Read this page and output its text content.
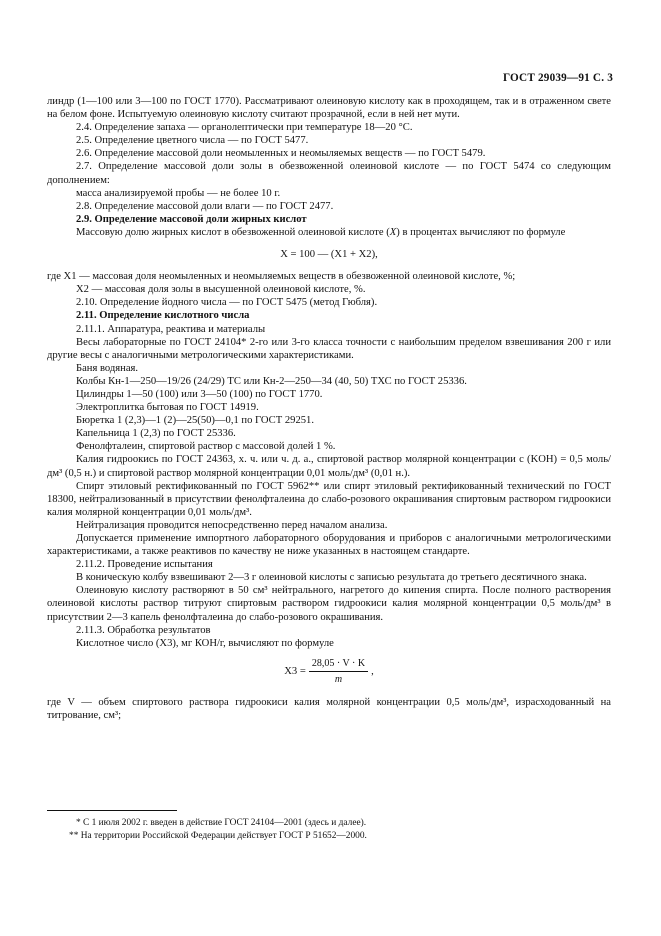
ГОСТ 29039—91 С. 3

линдр (1—100 или 3—100 по ГОСТ 1770). Рассматривают олеиновую кислоту как в проходящем, так и в отраженном свете на белом фоне. Испытуемую олеиновую кислоту считают прозрачной, если в ней нет мути.

2.4. Определение запаха — органолептически при температуре 18—20 °С.

2.5. Определение цветного числа — по ГОСТ 5477.

2.6. Определение массовой доли неомыленных и неомыляемых веществ — по ГОСТ 5479.

2.7. Определение массовой доли золы в обезвоженной олеиновой кислоте — по ГОСТ 5474 со следующим дополнением:

масса анализируемой пробы — не более 10 г.

2.8. Определение массовой доли влаги — по ГОСТ 2477.

2.9. Определение массовой доли жирных кислот

Массовую долю жирных кислот в обезвоженной олеиновой кислоте (X) в процентах вычисляют по формуле

X = 100 — (X1 + X2),

где X1 — массовая доля неомыленных и неомыляемых веществ в обезвоженной олеиновой кислоте, %;

X2 — массовая доля золы в высушенной олеиновой кислоте, %.

2.10. Определение йодного числа — по ГОСТ 5475 (метод Гюбля).

2.11. Определение кислотного числа

2.11.1. Аппаратура, реактива и материалы

Весы лабораторные по ГОСТ 24104* 2-го или 3-го класса точности с наибольшим пределом взвешивания 200 г или другие весы с аналогичными метрологическими характеристиками.

Баня водяная.

Колбы Кн-1—250—19/26 (24/29) ТС или Кн-2—250—34 (40, 50) ТХС по ГОСТ 25336.

Цилиндры 1—50 (100) или 3—50 (100) по ГОСТ 1770.

Электроплитка бытовая по ГОСТ 14919.

Бюретка 1 (2,3)—1 (2)—25(50)—0,1 по ГОСТ 29251.

Капельница 1 (2,3) по ГОСТ 25336.

Фенолфталеин, спиртовой раствор с массовой долей 1 %.

Калия гидроокись по ГОСТ 24363, х. ч. или ч. д. а., спиртовой раствор молярной концентрации c (KOH) = 0,5 моль/дм³ (0,5 н.) и спиртовой раствор молярной концентрации 0,01 моль/дм³ (0,01 н.).

Спирт этиловый ректификованный по ГОСТ 5962** или спирт этиловый ректификованный технический по ГОСТ 18300, нейтрализованный в присутствии фенолфталеина до слабо-розового окрашивания спиртовым раствором гидроокиси калия молярной концентрации 0,01 моль/дм³.

Нейтрализация проводится непосредственно перед началом анализа.

Допускается применение импортного лабораторного оборудования и приборов с аналогичными метрологическими характеристиками, а также реактивов по качеству не ниже указанных в настоящем стандарте.

2.11.2. Проведение испытания

В коническую колбу взвешивают 2—3 г олеиновой кислоты с записью результата до третьего десятичного знака.

Олеиновую кислоту растворяют в 50 см³ нейтрального, нагретого до кипения спирта. После полного растворения олеиновой кислоты раствор титруют спиртовым раствором гидроокиси калия молярной концентрации 0,5 моль/дм³ в присутствии 2—3 капель фенолфталеина до слабо-розового окрашивания.

2.11.3. Обработка результатов

Кислотное число (X3), мг КОН/г, вычисляют по формуле

$X3 = \frac{28,05 \cdot V \cdot K}{m}$ ,

где V — объем спиртового раствора гидроокиси калия молярной концентрации 0,5 моль/дм³, израсходованный на титрование, см³;

* С 1 июля 2002 г. введен в действие ГОСТ 24104—2001 (здесь и далее).
** На территории Российской Федерации действует ГОСТ Р 51652—2000.
